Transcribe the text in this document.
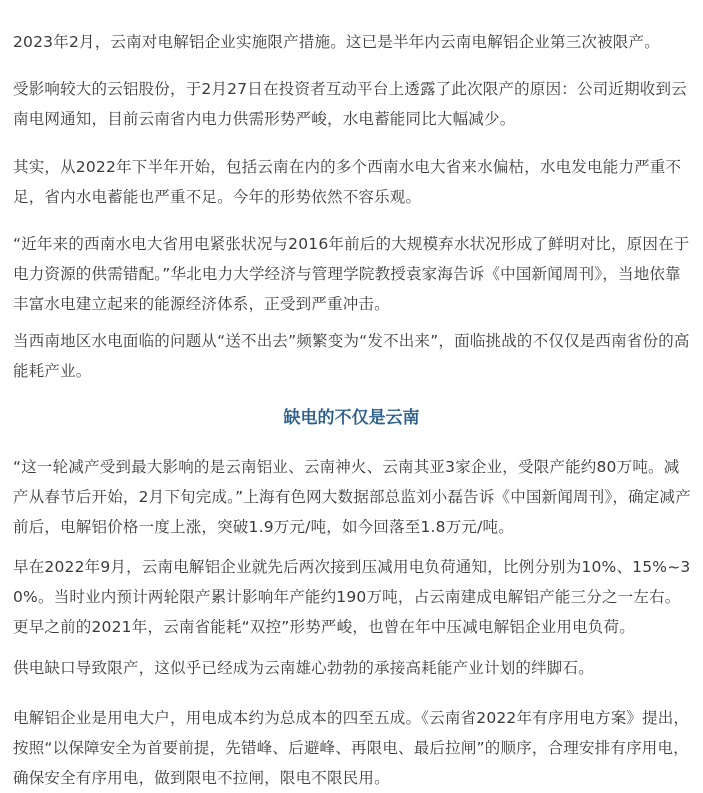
2023年2月，云南对电解铝企业实施限产措施。这已是半年内云南电解铝企业第三次被限产。

受影响较大的云铝股份，于2月27日在投资者互动平台上透露了此次限产的原因：公司近期收到云南电网通知，目前云南省内电力供需形势严峻，水电蓄能同比大幅减少。

其实，从2022年下半年开始，包括云南在内的多个西南水电大省来水偏枯，水电发电能力严重不足，省内水电蓄能也严重不足。今年的形势依然不容乐观。

“近年来的西南水电大省用电紧张状况与2016年前后的大规模弃水状况形成了鲜明对比，原因在于电力资源的供需错配。”华北电力大学经济与管理学院教授袁家海告诉《中国新闻周刊》，当地依靠丰富水电建立起来的能源经济体系，正受到严重冲击。

当西南地区水电面临的问题从“送不出去”频繁变为“发不出来”，面临挑战的不仅仅是西南省份的高能耗产业。

缺电的不仅是云南

“这一轮减产受到最大影响的是云南铝业、云南神火、云南其亚3家企业，受限产能约80万吨。减产从春节后开始，2月下旬完成。”上海有色网大数据部总监刘小磊告诉《中国新闻周刊》，确定减产前后，电解铝价格一度上涨，突破1.9万元/吨，如今回落至1.8万元/吨。

早在2022年9月，云南电解铝企业就先后两次接到压减用电负荷通知，比例分别为10%、15%~30%。当时业内预计两轮限产累计影响年产能约190万吨，占云南建成电解铝产能三分之一左右。更早之前的2021年，云南省能耗“双控”形势严峻，也曾在年中压减电解铝企业用电负荷。

供电缺口导致限产，这似乎已经成为云南雄心勃勃的承接高耗能产业计划的绊脚石。

电解铝企业是用电大户，用电成本约为总成本的四至五成。《云南省2022年有序用电方案》提出，按照“以保障安全为首要前提，先错峰、后避峰、再限电、最后拉闸”的顺序，合理安排有序用电，确保安全有序用电，做到限电不拉闸，限电不限民用。
